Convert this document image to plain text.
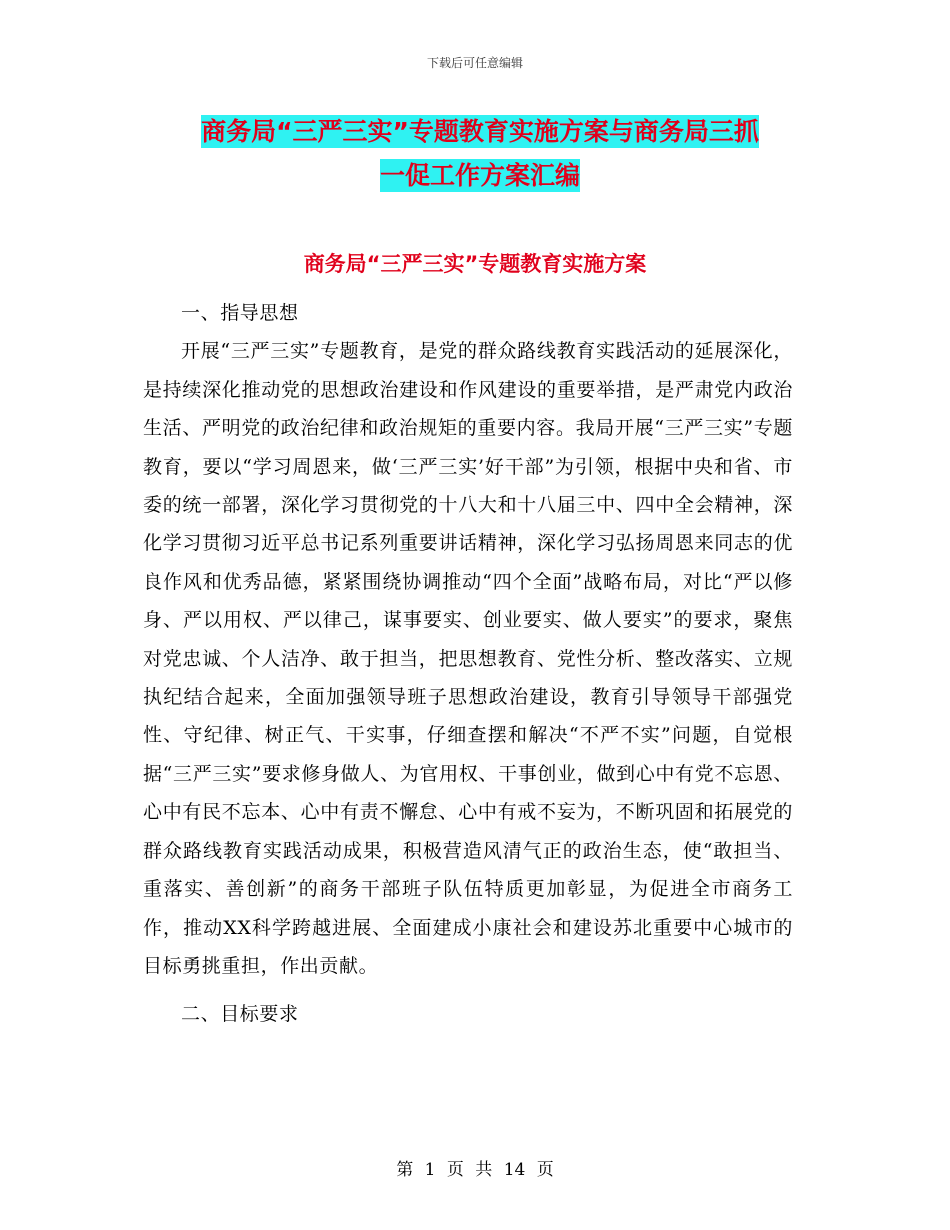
下载后可任意编辑
商务局“三严三实”专题教育实施方案与商务局三抓
一促工作方案汇编
商务局“三严三实”专题教育实施方案

一、指导思想

开展“三严三实”专题教育，是党的群众路线教育实践活动的延展深化，是持续深化推动党的思想政治建设和作风建设的重要举措，是严肃党内政治生活、严明党的政治纪律和政治规矩的重要内容。我局开展“三严三实”专题教育，要以“学习周恩来，做‘三严三实’好干部”为引领，根据中央和省、市委的统一部署，深化学习贯彻党的十八大和十八届三中、四中全会精神，深化学习贯彻习近平总书记系列重要讲话精神，深化学习弘扬周恩来同志的优良作风和优秀品德，紧紧围绕协调推动“四个全面”战略布局，对比“严以修身、严以用权、严以律己，谋事要实、创业要实、做人要实”的要求，聚焦对党忠诚、个人洁净、敢于担当，把思想教育、党性分析、整改落实、立规执纪结合起来，全面加强领导班子思想政治建设，教育引导领导干部强党性、守纪律、树正气、干实事，仔细查摆和解决“不严不实”问题，自觉根据“三严三实”要求修身做人、为官用权、干事创业，做到心中有党不忘恩、心中有民不忘本、心中有责不懈怠、心中有戒不妄为，不断巩固和拓展党的群众路线教育实践活动成果，积极营造风清气正的政治生态，使“敢担当、重落实、善创新”的商务干部班子队伍特质更加彰显，为促进全市商务工作，推动XX科学跨越进展、全面建成小康社会和建设苏北重要中心城市的目标勇挑重担，作出贡献。

二、目标要求

第 1 页 共 14 页
